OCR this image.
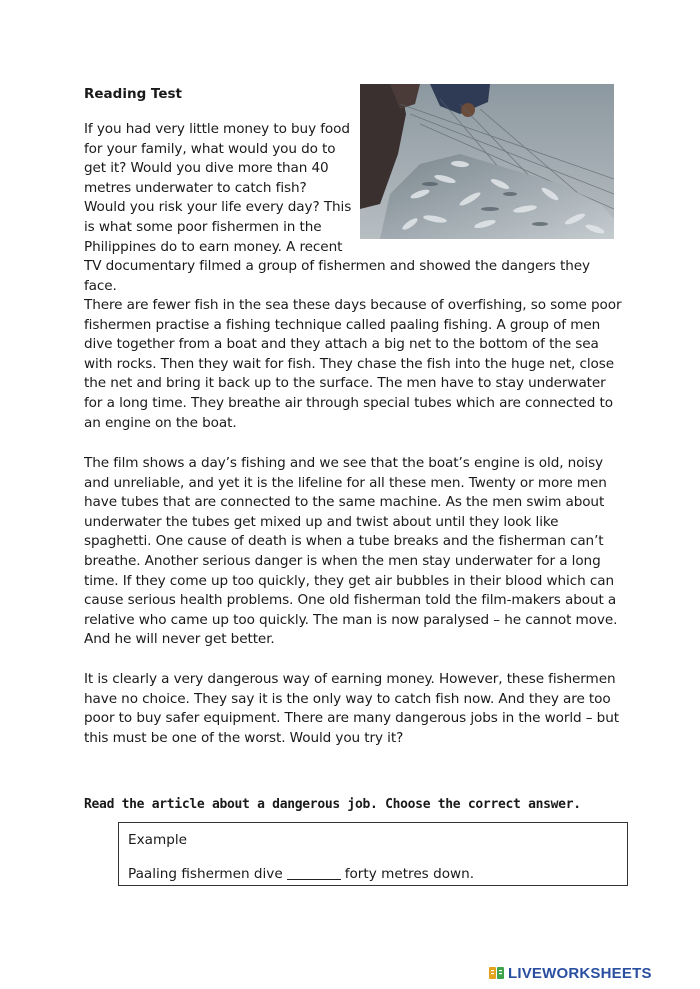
Reading Test
If you had very little money to buy food for your family, what would you do to get it? Would you dive more than 40 metres underwater to catch fish? Would you risk your life every day? This is what some poor fishermen in the Philippines do to earn money. A recent
TV documentary filmed a group of fishermen and showed the dangers they face.
There are fewer fish in the sea these days because of overfishing, so some poor fishermen practise a fishing technique called paaling fishing. A group of men dive together from a boat and they attach a big net to the bottom of the sea with rocks. Then they wait for fish. They chase the fish into the huge net, close the net and bring it back up to the surface. The men have to stay underwater for a long time. They breathe air through special tubes which are connected to an engine on the boat.
The film shows a day’s fishing and we see that the boat’s engine is old, noisy and unreliable, and yet it is the lifeline for all these men. Twenty or more men have tubes that are connected to the same machine. As the men swim about underwater the tubes get mixed up and twist about until they look like spaghetti. One cause of death is when a tube breaks and the fisherman can’t breathe. Another serious danger is when the men stay underwater for a long time. If they come up too quickly, they get air bubbles in their blood which can cause serious health problems. One old fisherman told the film-makers about a relative who came up too quickly. The man is now paralysed – he cannot move. And he will never get better.
It is clearly a very dangerous way of earning money. However, these fishermen have no choice. They say it is the only way to catch fish now. And they are too poor to buy safer equipment. There are many dangerous jobs in the world – but this must be one of the worst. Would you try it?
Read the article about a dangerous job. Choose the correct answer.
Example
Paaling fishermen dive	forty metres down.
LIVEWORKSHEETS
